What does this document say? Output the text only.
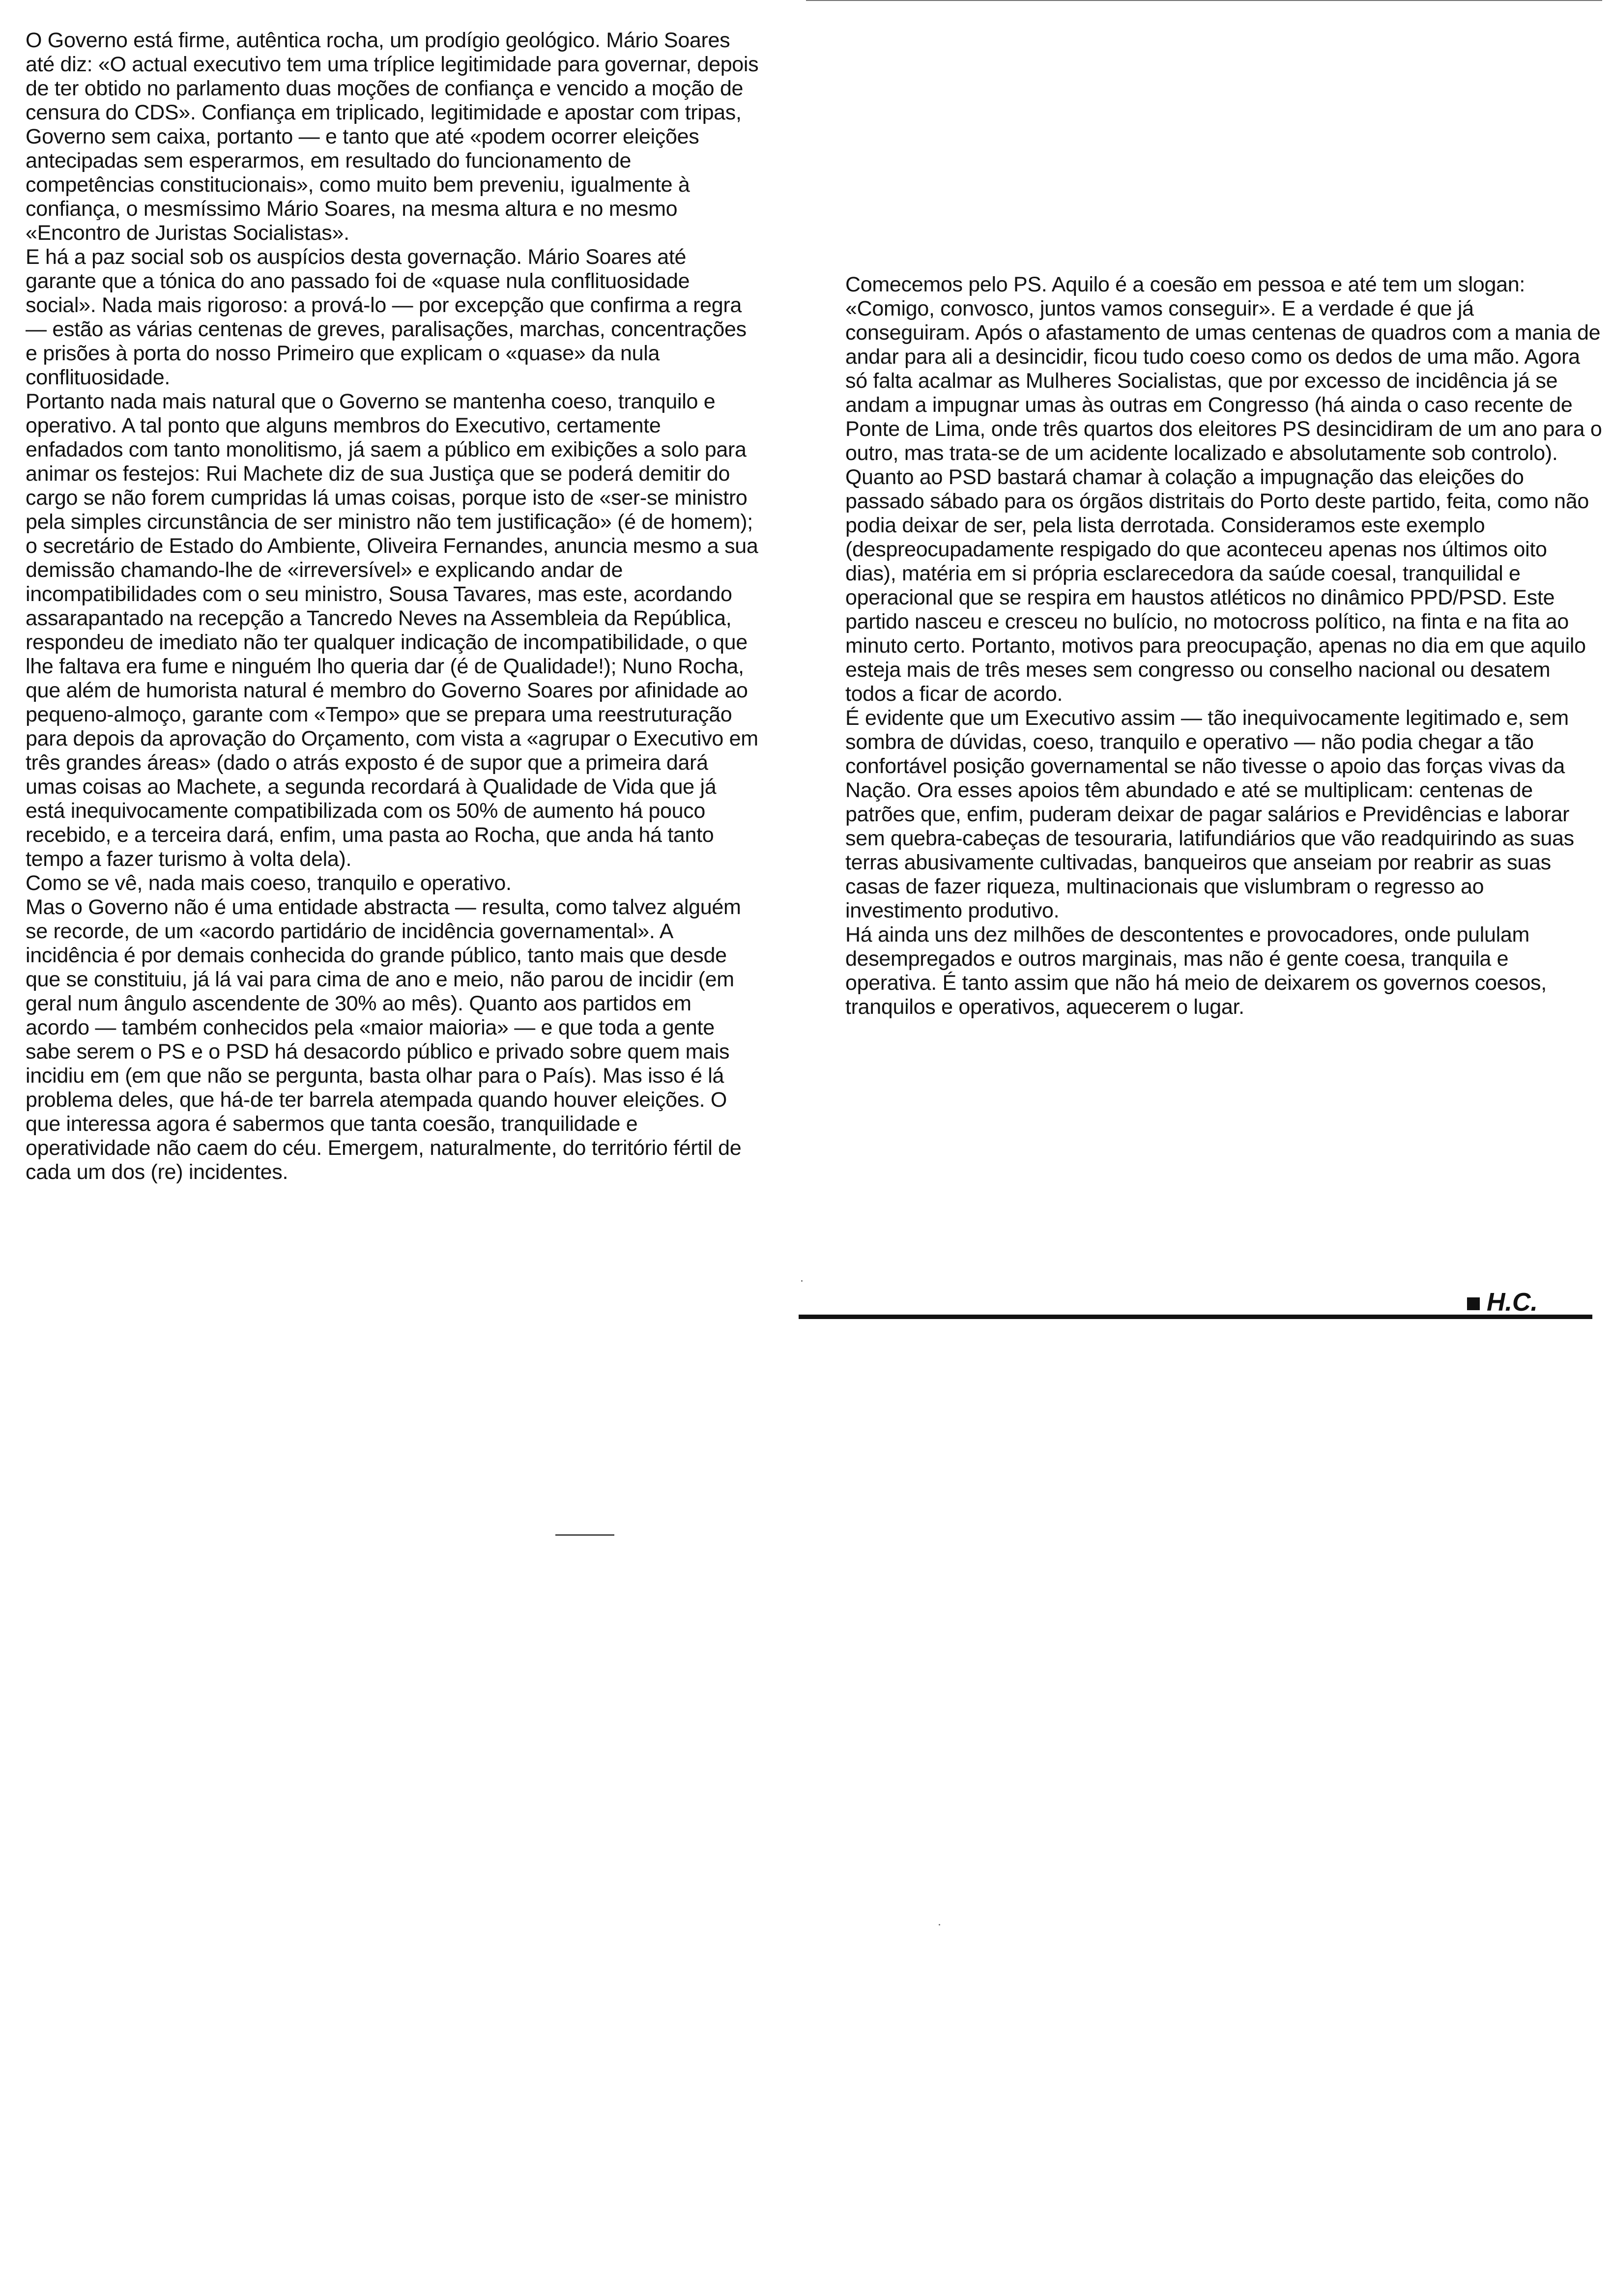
O Governo está firme, autêntica rocha, um prodígio geológico. Mário Soares até diz: «O actual executivo tem uma tríplice legitimidade para governar, depois de ter obtido no parlamento duas moções de confiança e vencido a moção de censura do CDS». Confiança em triplicado, legitimidade e apostar com tripas, Governo sem caixa, portanto — e tanto que até «podem ocorrer eleições antecipadas sem esperarmos, em resultado do funcionamento de competências constitucionais», como muito bem preveniu, igualmente à confiança, o mesmíssimo Mário Soares, na mesma altura e no mesmo «Encontro de Juristas Socialistas».

E há a paz social sob os auspícios desta governação. Mário Soares até garante que a tónica do ano passado foi de «quase nula conflituosidade social». Nada mais rigoroso: a prová-lo — por excepção que confirma a regra — estão as várias centenas de greves, paralisações, marchas, concentrações e prisões à porta do nosso Primeiro que explicam o «quase» da nula conflituosidade.

Portanto nada mais natural que o Governo se mantenha coeso, tranquilo e operativo. A tal ponto que alguns membros do Executivo, certamente enfadados com tanto monolitismo, já saem a público em exibições a solo para animar os festejos: Rui Machete diz de sua Justiça que se poderá demitir do cargo se não forem cumpridas lá umas coisas, porque isto de «ser-se ministro pela simples circunstância de ser ministro não tem justificação» (é de homem); o secretário de Estado do Ambiente, Oliveira Fernandes, anuncia mesmo a sua demissão chamando-lhe de «irreversível» e explicando andar de incompatibilidades com o seu ministro, Sousa Tavares, mas este, acordando assarapantado na recepção a Tancredo Neves na Assembleia da República, respondeu de imediato não ter qualquer indicação de incompatibilidade, o que lhe faltava era fume e ninguém lho queria dar (é de Qualidade!); Nuno Rocha, que além de humorista natural é membro do Governo Soares por afinidade ao pequeno-almoço, garante com «Tempo» que se prepara uma reestruturação para depois da aprovação do Orçamento, com vista a «agrupar o Executivo em três grandes áreas» (dado o atrás exposto é de supor que a primeira dará umas coisas ao Machete, a segunda recordará à Qualidade de Vida que já está inequivocamente compatibilizada com os 50% de aumento há pouco recebido, e a terceira dará, enfim, uma pasta ao Rocha, que anda há tanto tempo a fazer turismo à volta dela).

Como se vê, nada mais coeso, tranquilo e operativo.

Mas o Governo não é uma entidade abstracta — resulta, como talvez alguém se recorde, de um «acordo partidário de incidência governamental». A incidência é por demais conhecida do grande público, tanto mais que desde que se constituiu, já lá vai para cima de ano e meio, não parou de incidir (em geral num ângulo ascendente de 30% ao mês). Quanto aos partidos em acordo — também conhecidos pela «maior maioria» — e que toda a gente sabe serem o PS e o PSD há desacordo público e privado sobre quem mais incidiu em (em que não se pergunta, basta olhar para o País). Mas isso é lá problema deles, que há-de ter barrela atempada quando houver eleições. O que interessa agora é sabermos que tanta coesão, tranquilidade e operatividade não caem do céu. Emergem, naturalmente, do território fértil de cada um dos (re) incidentes.

Comecemos pelo PS. Aquilo é a coesão em pessoa e até tem um slogan: «Comigo, convosco, juntos vamos conseguir». E a verdade é que já conseguiram. Após o afastamento de umas centenas de quadros com a mania de andar para ali a desincidir, ficou tudo coeso como os dedos de uma mão. Agora só falta acalmar as Mulheres Socialistas, que por excesso de incidência já se andam a impugnar umas às outras em Congresso (há ainda o caso recente de Ponte de Lima, onde três quartos dos eleitores PS desincidiram de um ano para o outro, mas trata-se de um acidente localizado e absolutamente sob controlo).

Quanto ao PSD bastará chamar à colação a impugnação das eleições do passado sábado para os órgãos distritais do Porto deste partido, feita, como não podia deixar de ser, pela lista derrotada. Consideramos este exemplo (despreocupadamente respigado do que aconteceu apenas nos últimos oito dias), matéria em si própria esclarecedora da saúde coesal, tranquilidal e operacional que se respira em haustos atléticos no dinâmico PPD/PSD. Este partido nasceu e cresceu no bulício, no motocross político, na finta e na fita ao minuto certo. Portanto, motivos para preocupação, apenas no dia em que aquilo esteja mais de três meses sem congresso ou conselho nacional ou desatem todos a ficar de acordo.

É evidente que um Executivo assim — tão inequivocamente legitimado e, sem sombra de dúvidas, coeso, tranquilo e operativo — não podia chegar a tão confortável posição governamental se não tivesse o apoio das forças vivas da Nação. Ora esses apoios têm abundado e até se multiplicam: centenas de patrões que, enfim, puderam deixar de pagar salários e Previdências e laborar sem quebra-cabeças de tesouraria, latifundiários que vão readquirindo as suas terras abusivamente cultivadas, banqueiros que anseiam por reabrir as suas casas de fazer riqueza, multinacionais que vislumbram o regresso ao investimento produtivo.

Há ainda uns dez milhões de descontentes e provocadores, onde pululam desempregados e outros marginais, mas não é gente coesa, tranquila e operativa. É tanto assim que não há meio de deixarem os governos coesos, tranquilos e operativos, aquecerem o lugar.

H.C.
